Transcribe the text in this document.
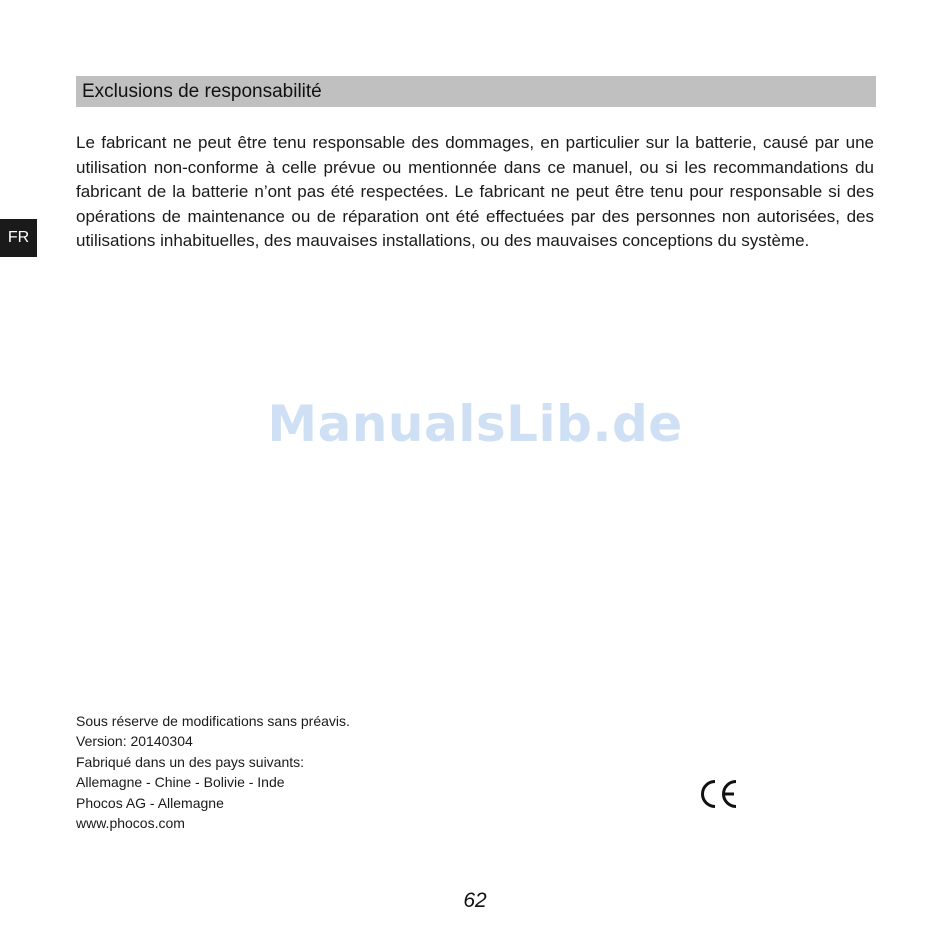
FR
Exclusions de responsabilité

Le fabricant ne peut être tenu responsable des dommages, en particulier sur la batterie, causé par une utilisation non-conforme à celle prévue ou mentionnée dans ce manuel, ou si les recommandations du fabricant de la batterie n’ont pas été respectées. Le fabricant ne peut être tenu pour responsable si des opérations de maintenance ou de réparation ont été effectuées par des personnes non autorisées, des utilisations inhabituelles, des mauvaises installations, ou des mauvaises conceptions du système.

ManualsLib.de
Sous réserve de modifications sans préavis.
Version: 20140304
Fabriqué dans un des pays suivants:
Allemagne - Chine - Bolivie - Inde
Phocos AG - Allemagne
www.phocos.com
62
